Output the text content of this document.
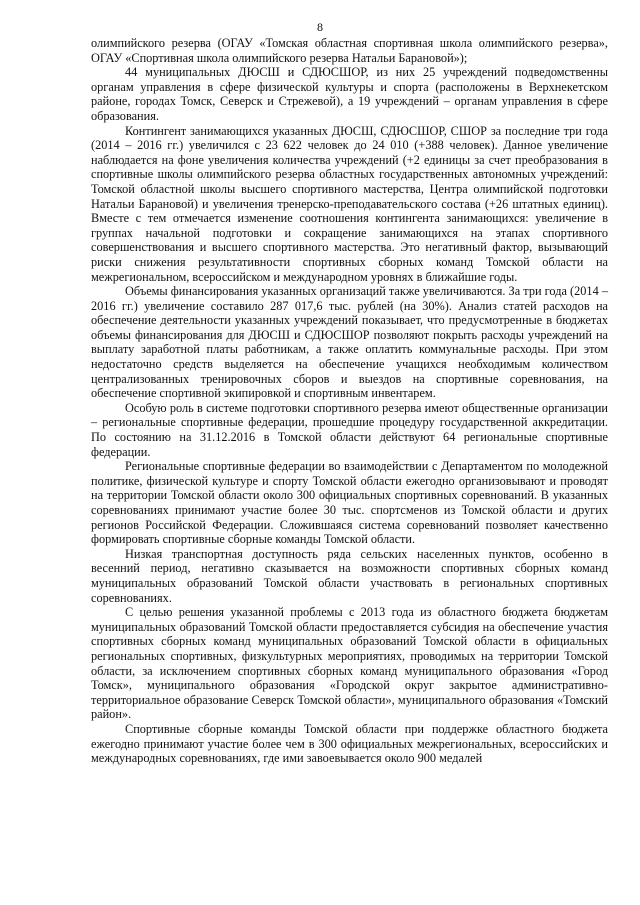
8

олимпийского резерва (ОГАУ «Томская областная спортивная школа олимпийского резерва», ОГАУ «Спортивная школа олимпийского резерва Натальи Барановой»);

44 муниципальных ДЮСШ и СДЮСШОР, из них 25 учреждений подведомственны органам управления в сфере физической культуры и спорта (расположены в Верхнекетском районе, городах Томск, Северск и Стрежевой), а 19 учреждений – органам управления в сфере образования.

Контингент занимающихся указанных ДЮСШ, СДЮСШОР, СШОР за последние три года (2014 – 2016 гг.) увеличился с 23 622 человек до 24 010 (+388 человек). Данное увеличение наблюдается на фоне увеличения количества учреждений (+2 единицы за счет преобразования в спортивные школы олимпийского резерва областных государственных автономных учреждений: Томской областной школы высшего спортивного мастерства, Центра олимпийской подготовки Натальи Барановой) и увеличения тренерско-преподавательского состава (+26 штатных единиц). Вместе с тем отмечается изменение соотношения контингента занимающихся: увеличение в группах начальной подготовки и сокращение занимающихся на этапах спортивного совершенствования и высшего спортивного мастерства. Это негативный фактор, вызывающий риски снижения результативности спортивных сборных команд Томской области на межрегиональном, всероссийском и международном уровнях в ближайшие годы.

Объемы финансирования указанных организаций также увеличиваются. За три года (2014 – 2016 гг.) увеличение составило 287 017,6 тыс. рублей (на 30%). Анализ статей расходов на обеспечение деятельности указанных учреждений показывает, что предусмотренные в бюджетах объемы финансирования для ДЮСШ и СДЮСШОР позволяют покрыть расходы учреждений на выплату заработной платы работникам, а также оплатить коммунальные расходы. При этом недостаточно средств выделяется на обеспечение учащихся необходимым количеством централизованных тренировочных сборов и выездов на спортивные соревнования, на обеспечение спортивной экипировкой и спортивным инвентарем.

Особую роль в системе подготовки спортивного резерва имеют общественные организации – региональные спортивные федерации, прошедшие процедуру государственной аккредитации. По состоянию на 31.12.2016 в Томской области действуют 64 региональные спортивные федерации.

Региональные спортивные федерации во взаимодействии с Департаментом по молодежной политике, физической культуре и спорту Томской области ежегодно организовывают и проводят на территории Томской области около 300 официальных спортивных соревнований. В указанных соревнованиях принимают участие более 30 тыс. спортсменов из Томской области и других регионов Российской Федерации. Сложившаяся система соревнований позволяет качественно формировать спортивные сборные команды Томской области.

Низкая транспортная доступность ряда сельских населенных пунктов, особенно в весенний период, негативно сказывается на возможности спортивных сборных команд муниципальных образований Томской области участвовать в региональных спортивных соревнованиях.

С целью решения указанной проблемы с 2013 года из областного бюджета бюджетам муниципальных образований Томской области предоставляется субсидия на обеспечение участия спортивных сборных команд муниципальных образований Томской области в официальных региональных спортивных, физкультурных мероприятиях, проводимых на территории Томской области, за исключением спортивных сборных команд муниципального образования «Город Томск», муниципального образования «Городской округ закрытое административно-территориальное образование Северск Томской области», муниципального образования «Томский район».

Спортивные сборные команды Томской области при поддержке областного бюджета ежегодно принимают участие более чем в 300 официальных межрегиональных, всероссийских и международных соревнованиях, где ими завоевывается около 900 медалей
